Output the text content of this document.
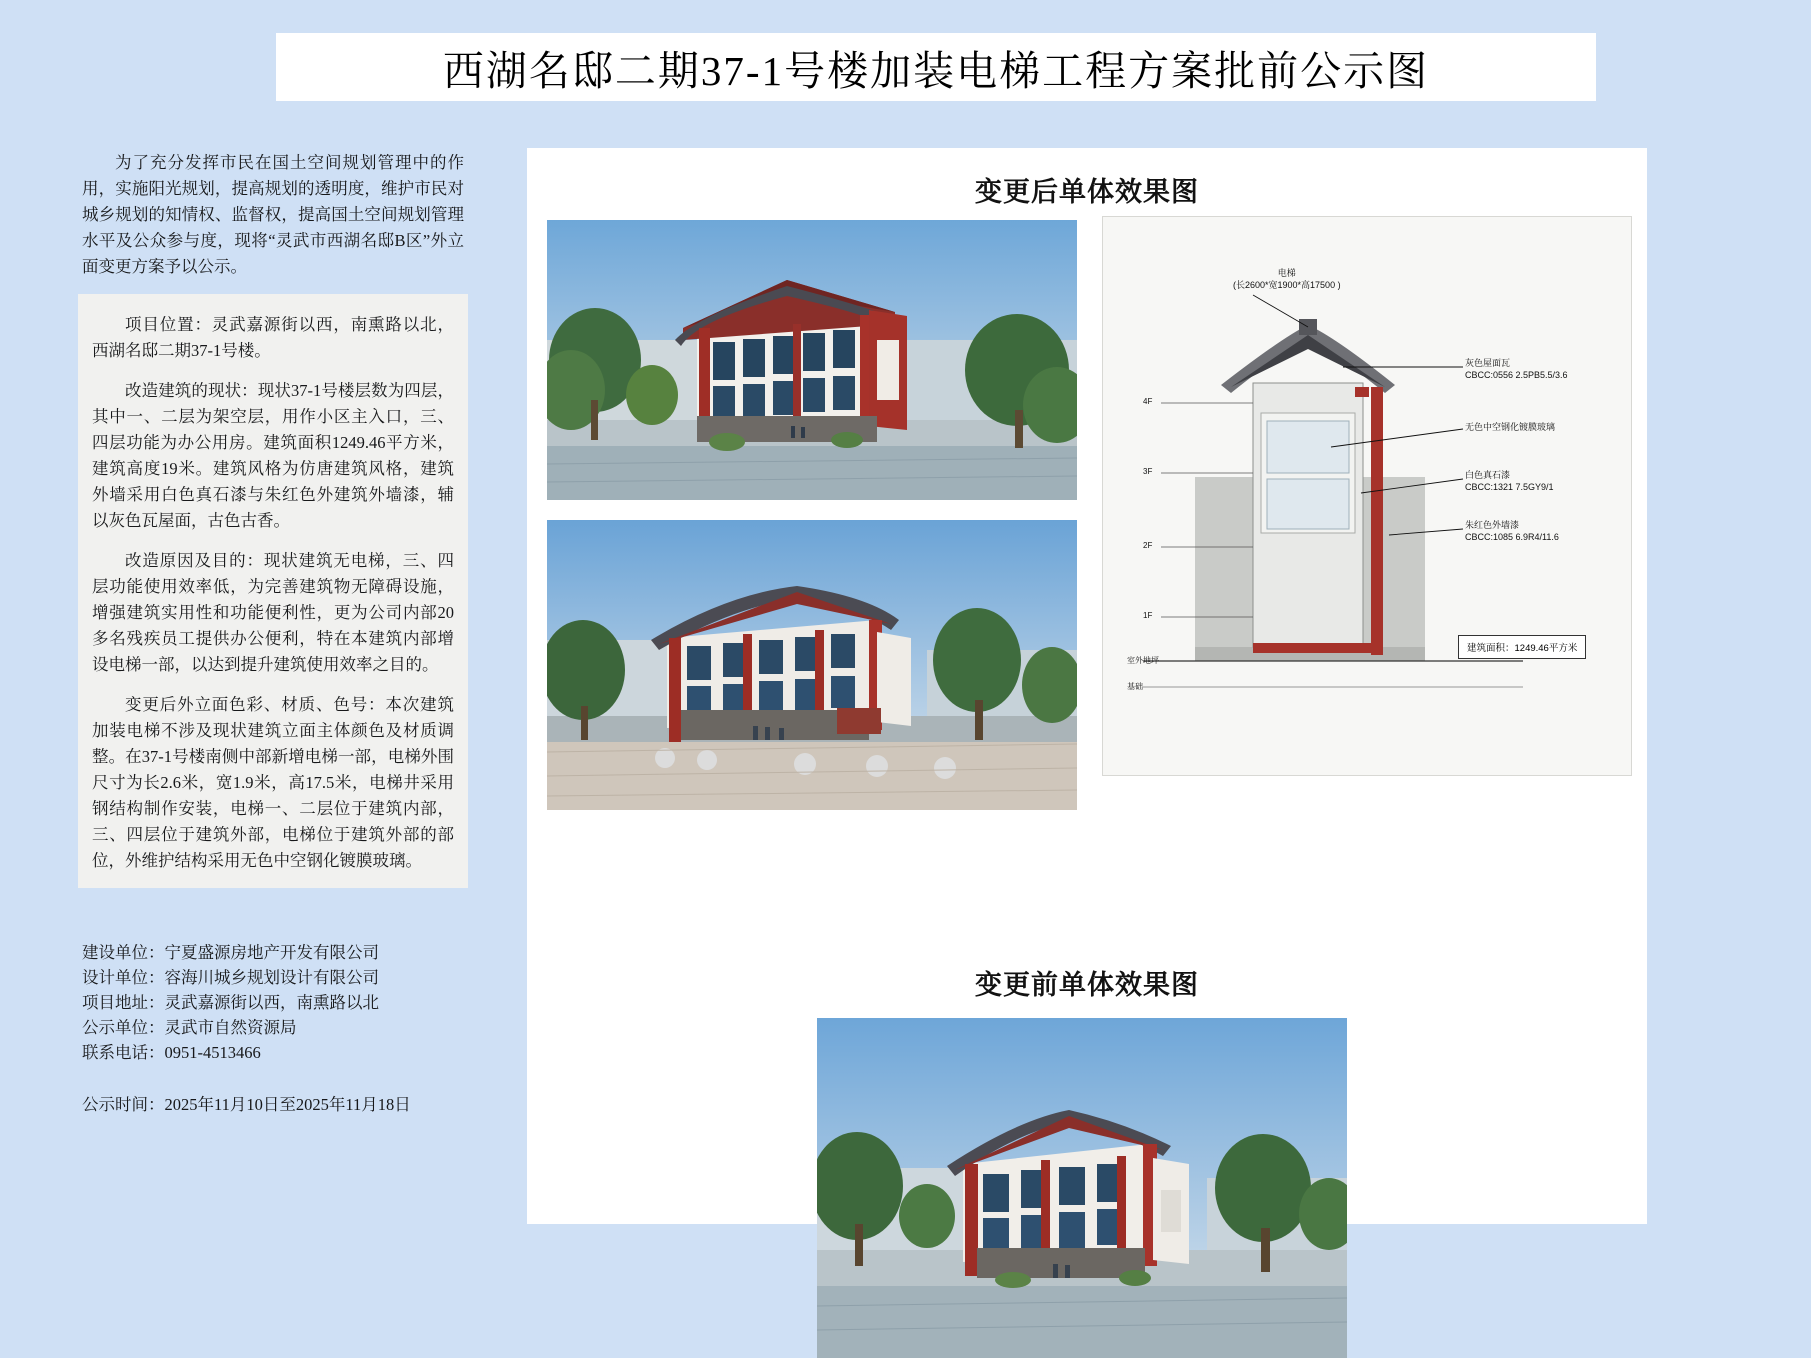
西湖名邸二期37-1号楼加装电梯工程方案批前公示图

为了充分发挥市民在国土空间规划管理中的作用，实施阳光规划，提高规划的透明度，维护市民对城乡规划的知情权、监督权，提高国土空间规划管理水平及公众参与度，现将“灵武市西湖名邸B区”外立面变更方案予以公示。

项目位置：灵武嘉源街以西，南熏路以北，西湖名邸二期37-1号楼。

改造建筑的现状：现状37-1号楼层数为四层，其中一、二层为架空层，用作小区主入口，三、四层功能为办公用房。建筑面积1249.46平方米，建筑高度19米。建筑风格为仿唐建筑风格，建筑外墙采用白色真石漆与朱红色外建筑外墙漆，辅以灰色瓦屋面，古色古香。

改造原因及目的：现状建筑无电梯，三、四层功能使用效率低，为完善建筑物无障碍设施，增强建筑实用性和功能便利性，更为公司内部20多名残疾员工提供办公便利，特在本建筑内部增设电梯一部，以达到提升建筑使用效率之目的。

变更后外立面色彩、材质、色号：本次建筑加装电梯不涉及现状建筑立面主体颜色及材质调整。在37-1号楼南侧中部新增电梯一部，电梯外围尺寸为长2.6米，宽1.9米，高17.5米，电梯井采用钢结构制作安装，电梯一、二层位于建筑内部，三、四层位于建筑外部，电梯位于建筑外部的部位，外维护结构采用无色中空钢化镀膜玻璃。

建设单位：宁夏盛源房地产开发有限公司
设计单位：容海川城乡规划设计有限公司
项目地址：灵武嘉源街以西，南熏路以北
公示单位：灵武市自然资源局
联系电话：0951-4513466
公示时间：2025年11月10日至2025年11月18日
变更后单体效果图
变更前单体效果图
电梯
(长2600*宽1900*高17500 )
灰色屋面瓦
CBCC:0556 2.5PB5.5/3.6
无色中空钢化镀膜玻璃
白色真石漆
CBCC:1321 7.5GY9/1
朱红色外墙漆
CBCC:1085 6.9R4/11.6
建筑面积：1249.46平方米
4F
3F
2F
1F
室外地坪
基础
